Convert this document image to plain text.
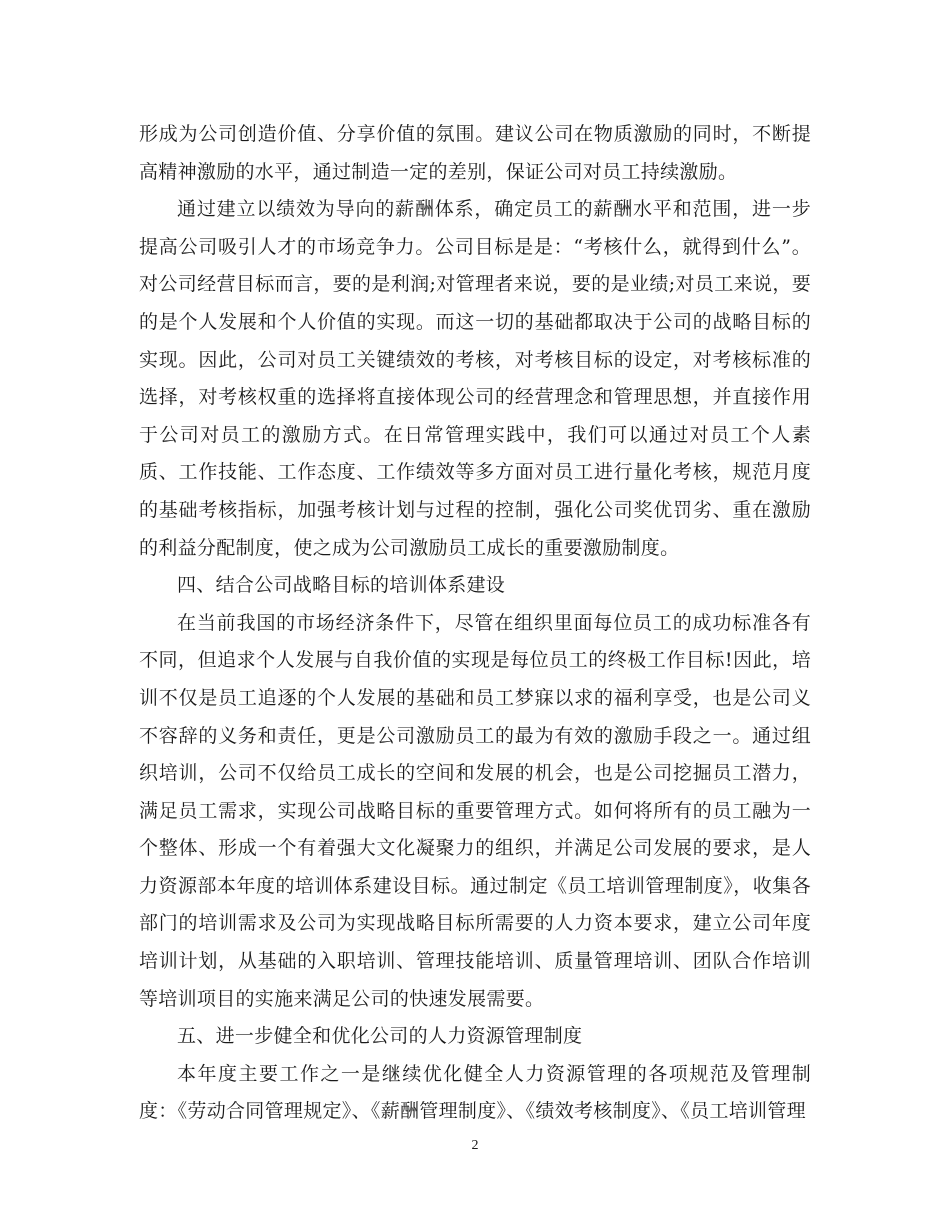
形成为公司创造价值、分享价值的氛围。建议公司在物质激励的同时，不断提高精神激励的水平，通过制造一定的差别，保证公司对员工持续激励。

通过建立以绩效为导向的薪酬体系，确定员工的薪酬水平和范围，进一步提高公司吸引人才的市场竞争力。公司目标是是：“考核什么，就得到什么”。对公司经营目标而言，要的是利润;对管理者来说，要的是业绩;对员工来说，要的是个人发展和个人价值的实现。而这一切的基础都取决于公司的战略目标的实现。因此，公司对员工关键绩效的考核，对考核目标的设定，对考核标准的选择，对考核权重的选择将直接体现公司的经营理念和管理思想，并直接作用于公司对员工的激励方式。在日常管理实践中，我们可以通过对员工个人素质、工作技能、工作态度、工作绩效等多方面对员工进行量化考核，规范月度的基础考核指标，加强考核计划与过程的控制，强化公司奖优罚劣、重在激励的利益分配制度，使之成为公司激励员工成长的重要激励制度。

四、结合公司战略目标的培训体系建设

在当前我国的市场经济条件下，尽管在组织里面每位员工的成功标准各有不同，但追求个人发展与自我价值的实现是每位员工的终极工作目标!因此，培训不仅是员工追逐的个人发展的基础和员工梦寐以求的福利享受，也是公司义不容辞的义务和责任，更是公司激励员工的最为有效的激励手段之一。通过组织培训，公司不仅给员工成长的空间和发展的机会，也是公司挖掘员工潜力，满足员工需求，实现公司战略目标的重要管理方式。如何将所有的员工融为一个整体、形成一个有着强大文化凝聚力的组织，并满足公司发展的要求，是人力资源部本年度的培训体系建设目标。通过制定《员工培训管理制度》，收集各部门的培训需求及公司为实现战略目标所需要的人力资本要求，建立公司年度培训计划，从基础的入职培训、管理技能培训、质量管理培训、团队合作培训等培训项目的实施来满足公司的快速发展需要。

五、进一步健全和优化公司的人力资源管理制度

本年度主要工作之一是继续优化健全人力资源管理的各项规范及管理制度：《劳动合同管理规定》、《薪酬管理制度》、《绩效考核制度》、《员工培训管理

2
